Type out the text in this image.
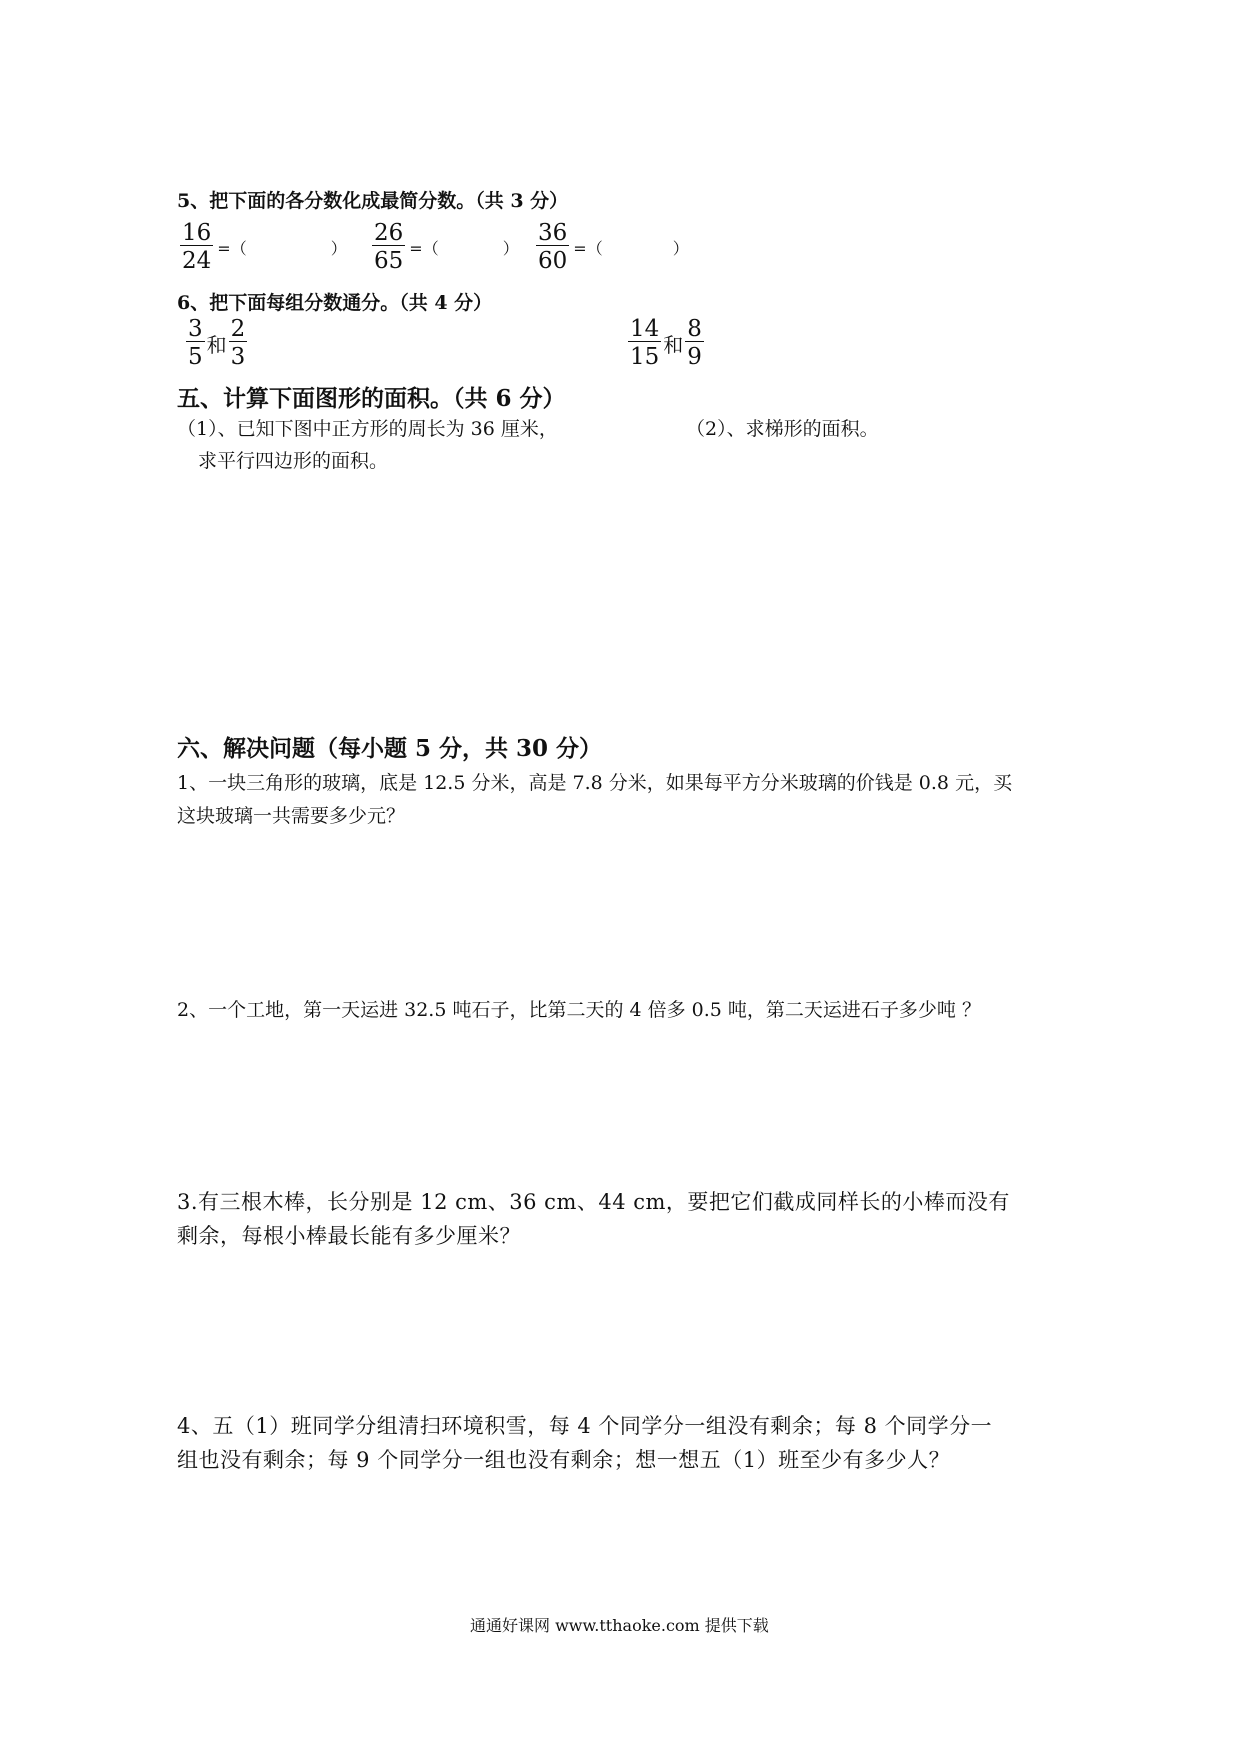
5、把下面的各分数化成最简分数。（共 3 分）
$\frac{16}{24}$ =（	） $\frac{26}{65}$ =（	） $\frac{36}{60}$ =（	）
6、把下面每组分数通分。（共 4 分）
$\frac{3}{5}$ 和 $\frac{2}{3}$	$\frac{14}{15}$ 和 $\frac{8}{9}$
五、计算下面图形的面积。（共 6 分）
（1）、已知下图中正方形的周长为 36 厘米，
求平行四边形的面积。
（2）、求梯形的面积。
六、解决问题（每小题 5 分，共 30 分）
1、一块三角形的玻璃，底是 12.5 分米，高是 7.8 分米，如果每平方分米玻璃的价钱是 0.8 元，买
这块玻璃一共需要多少元？
2、一个工地，第一天运进 32.5 吨石子，比第二天的 4 倍多 0.5 吨，第二天运进石子多少吨 ？
3.有三根木棒，长分别是 12 cm、36 cm、44 cm，要把它们截成同样长的小棒而没有
剩余，每根小棒最长能有多少厘米？
4、五（1）班同学分组清扫环境积雪，每 4 个同学分一组没有剩余；每 8 个同学分一
组也没有剩余；每 9 个同学分一组也没有剩余；想一想五（1）班至少有多少人？
通通好课网 www.tthaoke.com 提供下载
